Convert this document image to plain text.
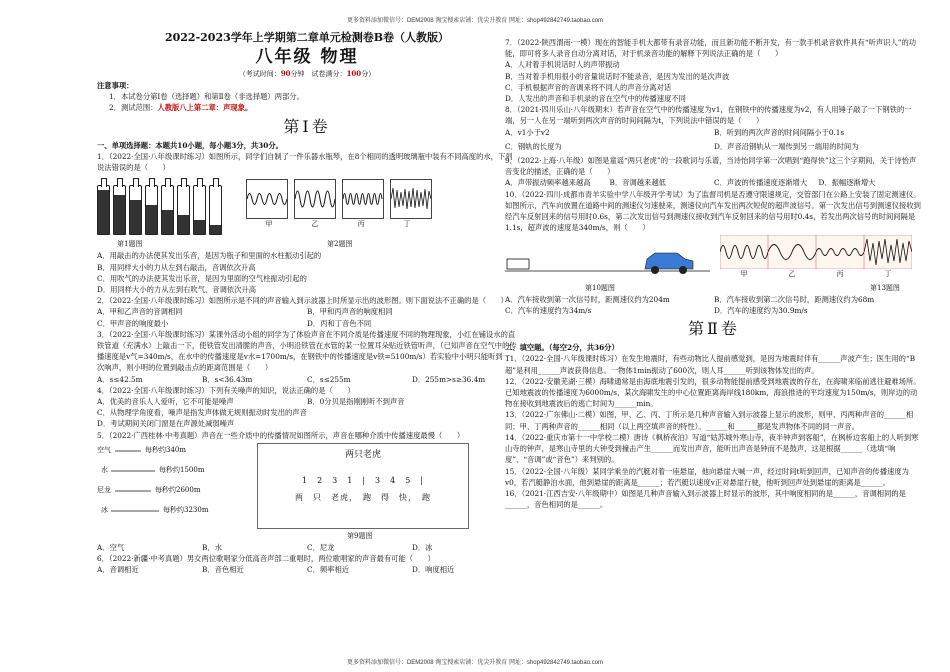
更多资料添加微信号：DEM2008 淘宝搜索店铺：优尖升教育 网址：shop492842749.taobao.com
更多资料添加微信号：DEM2008 淘宝搜索店铺：优尖升教育 网址：shop492842749.taobao.com
2022-2023学年上学期第二章单元检测卷B卷（人教版）
八年级 物理
（考试时间：90分钟　试卷满分：100分）

注意事项：

1．本试卷分第Ⅰ卷（选择题）和第Ⅱ卷（非选择题）两部分。

2．测试范围：人教版八上第二章：声现象。

第Ⅰ卷

一、单项选择题：本题共10小题，每小题3分，共30分。

1．（2022·全国·八年级课时练习）如图所示，同学们自制了一件乐器水瓶琴，在8个相同的透明玻璃瓶中装有不同高度的水，下列说法错误的是（　　）

甲	乙	丙	丁
第1题图	第2题图

A．用敲击的办法使其发出乐音，是因为瓶子和里面的水柱振动引起的

B．用同样大小的力从左到右敲击，音调依次升高

C．用吹气的办法使其发出乐音，是因为里面的空气柱振动引起的

D．用同样大小的力从左到右吹气，音调依次升高

2．（2022·全国·八年级课时练习）如图所示是不同的声音输入到示波器上时所显示出的波形图。则下面说法不正确的是（　　）

A．甲和乙声音的音调相同	B．甲和丙声音的响度相同
C．甲声音的响度最小	D．丙和丁音色不同

3．（2022·全国·八年级课时练习）某课外活动小组的同学为了体验声音在不同介质是传播速度不同的物理现象，小红在铺设水的直铁管道（充满水）上敲击一下，使铁管发出清脆的声音，小明沿铁管在水管的某一位置耳朵贴近铁管听声，（已知声音在空气中的传播速度是v气=340m/s，在水中的传播速度是v水=1700m/s，在钢铁中的传播速度是v铁=5100m/s）若实验中小明只能听到一次响声，则小明的位置到敲击点的距离范围是（　　）

A．s≤42.5m	B．s<36.43m	C．s≤255m	D．255m>s≥36.4m

4．（2022·全国·八年级课时练习）下列有关噪声的知识，说法正确的是（　　）

A．优美的音乐人人爱听，它不可能是噪声	B．0分贝是指刚刚听不到声音

C．从物理学角度看，噪声是指发声体做无规则振动时发出的声音

D．考试期间关闭门窗是在声源处减弱噪声

5．（2022·广西桂林·中考真题）声音在一些介质中的传播情况如图所示，声音在哪种介质中传播速度最慢（　　）

空气	每秒约340m
水	每秒约1500m
尼龙	每秒约2600m
冰	每秒约3230m
两只老虎
1　2　3　1　|　3　4　5　|
两　只　老虎，　跑　得　快，　跑
第9题图
A．空气	B．水	C．尼龙	D．冰

6．（2022·新疆·中考真题）男女两位歌唱家分低高音声部二重唱时，两位歌唱家的声音最有可能（　　）

A．音调相近	B．音色相近	C．频率相近	D．响度相近

7．（2022·陕西渭南·一模）现在的智能手机大都带有录音功能，而且新功能不断开发，有一款手机录音软件具有“听声识人”的功能，即可将多人录音自动分离对话，对于机录音功能的解释下列说法正确的是（　　）

A．人对着手机说话时人的声带振动

B．当对着手机用很小的音量说话时不能录音，是因为发出的是次声波

C．手机根据声音的音调来将不同人的声音分离对话

D．人发出的声音和手机录的音在空气中的传播速度不同

8．（2021·四川乐山·八年级期末）若声音在空气中的传播速度为v1，在钢铁中的传播速度为v2，有人用锤子敲了一下钢铁的一端，另一人在另一端听到两次声音的时间间隔为t，下列说法中错误的是（　　）

A．v1小于v2	B．听到的两次声音的时间间隔小于0.1s
C．钢轨的长度为	D．声音沿钢轨从一端传到另一端用的时间为

9．（2022·上海·八年级）如图是童谣“两只老虎”的一段歌词与乐谱，当诗怡同学第一次唱到“跑得快”这三个字期间，关于诗怡声音变化的描述，正确的是（　　）

A．声带振动频率越来越高	B．音调越来越低	C．声波的传播速度逐渐增大	D．振幅逐渐增大

10．（2022·四川·成都市青羊实验中学八年级开学考试）为了监督司机是否遵守限速规定，交管部门在公路上安装了固定测速仪。如图所示，汽车向放置在道路中间的测速仪匀速驶来，测速仪向汽车发出两次短促的超声波信号。第一次发出信号到测速仪接收到经汽车反射回来的信号用时0.6s，第二次发出信号到测速仪接收到汽车反射回来的信号用时0.4s，若发出两次信号的时间间隔是1.1s，超声波的速度是340m/s，则（　　）

甲	乙	丙	丁
第10题图	第13题图
A．汽车接收到第一次信号时，距测速仪约为204m	B．汽车接收到第二次信号时，距测速仪约为68m
C．汽车的速度约为34m/s	D．汽车的速度约为30.9m/s
第Ⅱ卷

二、填空题。（每空2分，共36分）

11．（2022·全国·八年级课时练习）在发生地震时，有些动物比人提前感觉到，是因为地震时伴有______声波产生；医生用的“B超”是利用______声波获得信息。一物体1min振动了600次，则人耳______听到该物体发出的声。

12．（2022·安徽芜湖·三模）海啸通常是由海底地震引发的，很多动物能提前感受到地震波的存在，在海啸来临前逃往避难场所。已知地震波的传播速度为6000m/s，某次海啸发生的中心位置距离海岸线180km，海浪推进的平均速度为150m/s，则岸边的动物在接收到地震波后的逃亡时间为______min。

13．（2022·广东佛山·二模）如图，甲、乙、丙、丁所示是几种声音输入到示波器上显示的波形，则甲、丙两种声音的______相同；甲、丁两种声音的______相同（以上两空填声音的特性）。______和______都是发声物体不同的同一声音。

14．（2022·重庆市第十一中学校二模）唐诗《枫桥夜泊》写道“姑苏城外寒山寺，夜半钟声到客船”，在枫桥边客船上的人听到寒山寺的钟声，是寒山寺里的大钟受到撞击产生______而发出声音，能听出声音是钟而不是鼓声，这是根据______（选填“响度”、“音调”或“音色”）来判别的。

15．（2022·全国·八年级）某同学乘坐的汽艇对着一座悬崖，他向悬崖大喊一声，经过时间t听到回声，已知声音的传播速度为v0，若汽艇静泊水面，他到悬崖的距离是______；若汽艇以速度v正对悬崖行驶，他听到回声处到悬崖的距离是______。

16．（2021·江西吉安·八年级期中）如图是几种声音输入到示波器上时显示的波形，其中响度相同的是______，音调相同的是______，音色相同的是______。
